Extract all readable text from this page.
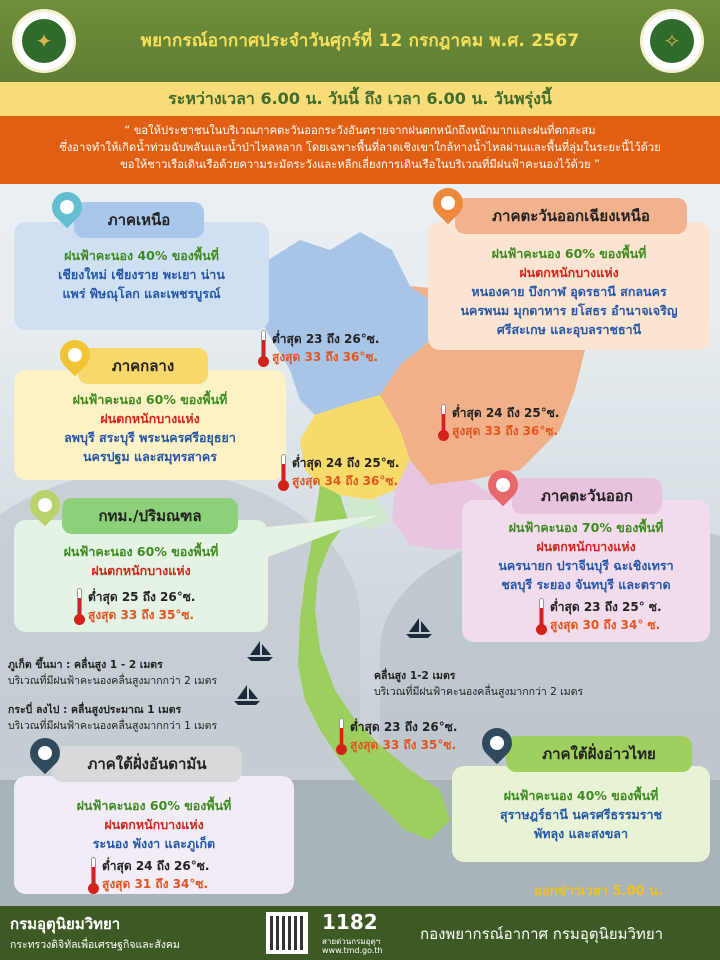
✦	พยากรณ์อากาศประจำวันศุกร์ที่ 12 กรกฎาคม พ.ศ. 2567	✧
ระหว่างเวลา 6.00 น. วันนี้ ถึง เวลา 6.00 น. วันพรุ่งนี้
“ ขอให้ประชาชนในบริเวณภาคตะวันออกระวังอันตรายจากฝนตกหนักถึงหนักมากและฝนที่ตกสะสม
ซึ่งอาจทำให้เกิดน้ำท่วมฉับพลันและน้ำป่าไหลหลาก โดยเฉพาะพื้นที่ลาดเชิงเขาใกล้ทางน้ำไหลผ่านและพื้นที่ลุ่มในระยะนี้ไว้ด้วย
ขอให้ชาวเรือเดินเรือด้วยความระมัดระวังและหลีกเลี่ยงการเดินเรือในบริเวณที่มีฝนฟ้าคะนองไว้ด้วย ”
ฝนฟ้าคะนอง 40% ของพื้นที่
เชียงใหม่ เชียงราย พะเยา น่าน
แพร่ พิษณุโลก และเพชรบูรณ์
ภาคเหนือ
ต่ำสุด 23 ถึง 26°ซ.
สูงสุด 33 ถึง 36°ซ.
ฝนฟ้าคะนอง 60% ของพื้นที่
ฝนตกหนักบางแห่ง
หนองคาย บึงกาฬ อุดรธานี สกลนคร
นครพนม มุกดาหาร ยโสธร อำนาจเจริญ
ศรีสะเกษ และอุบลราชธานี
ภาคตะวันออกเฉียงเหนือ
ต่ำสุด 24 ถึง 25°ซ.
สูงสุด 33 ถึง 36°ซ.
ฝนฟ้าคะนอง 60% ของพื้นที่
ฝนตกหนักบางแห่ง
ลพบุรี สระบุรี พระนครศรีอยุธยา
นครปฐม และสมุทรสาคร
ภาคกลาง
ต่ำสุด 24 ถึง 25°ซ.
สูงสุด 34 ถึง 36°ซ.
ฝนฟ้าคะนอง 60% ของพื้นที่
ฝนตกหนักบางแห่ง
ต่ำสุด 25 ถึง 26°ซ.
สูงสุด 33 ถึง 35°ซ.
กทม./ปริมณฑล
ฝนฟ้าคะนอง 70% ของพื้นที่
ฝนตกหนักบางแห่ง
นครนายก ปราจีนบุรี ฉะเชิงเทรา
ชลบุรี ระยอง จันทบุรี และตราด
ต่ำสุด 23 ถึง 25° ซ.
สูงสุด 30 ถึง 34° ซ.
ภาคตะวันออก
ภูเก็ต ขึ้นมา : คลื่นสูง 1 - 2 เมตร
บริเวณที่มีฝนฟ้าคะนองคลื่นสูงมากกว่า 2 เมตร
กระบี่ ลงไป : คลื่นสูงประมาณ 1 เมตร
บริเวณที่มีฝนฟ้าคะนองคลื่นสูงมากกว่า 1 เมตร
คลื่นสูง 1-2 เมตร
บริเวณที่มีฝนฟ้าคะนองคลื่นสูงมากกว่า 2 เมตร
ต่ำสุด 23 ถึง 26°ซ.
สูงสุด 33 ถึง 35°ซ.
ฝนฟ้าคะนอง 60% ของพื้นที่
ฝนตกหนักบางแห่ง
ระนอง พังงา และภูเก็ต
ต่ำสุด 24 ถึง 26°ซ.
สูงสุด 31 ถึง 34°ซ.
ภาคใต้ฝั่งอันดามัน
ฝนฟ้าคะนอง 40% ของพื้นที่
สุราษฎร์ธานี นครศรีธรรมราช
พัทลุง และสงขลา
ภาคใต้ฝั่งอ่าวไทย
ออกข่าวเวลา 5.00 น.
กรมอุตุนิยมวิทยา
กระทรวงดิจิทัลเพื่อเศรษฐกิจและสังคม
1182
สายด่วนกรมอุตุฯ
www.tmd.go.th
กองพยากรณ์อากาศ กรมอุตุนิยมวิทยา
